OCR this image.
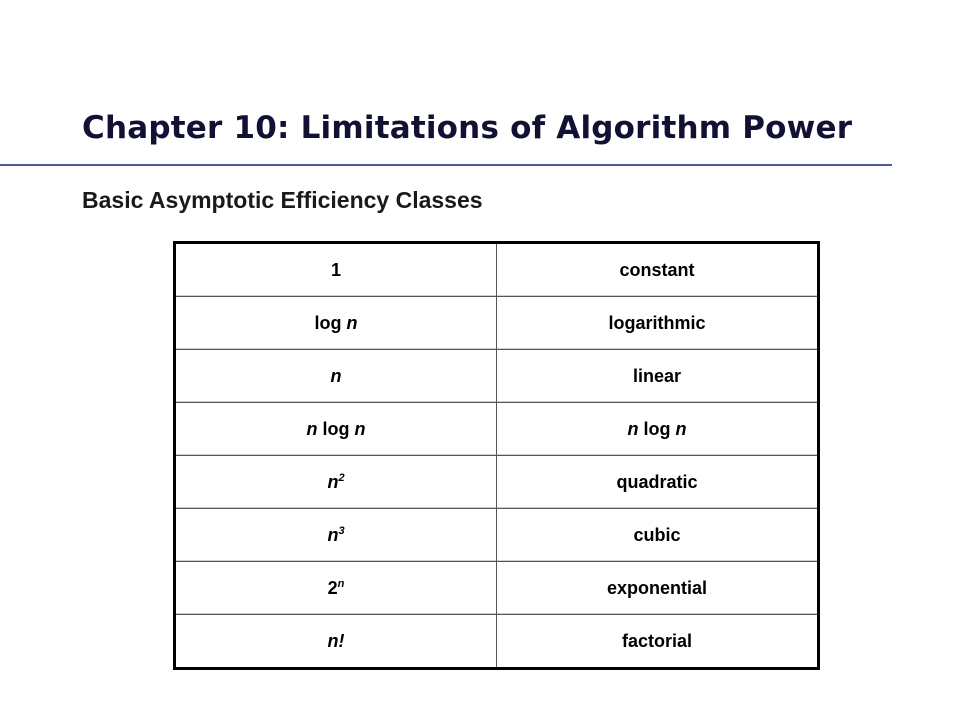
Chapter 10: Limitations of Algorithm Power
Basic Asymptotic Efficiency Classes
1	constant
log n	logarithmic
n	linear
n log n	n log n
$n^2$	quadratic
$n^3$	cubic
2$^n$	exponential
n!	factorial
